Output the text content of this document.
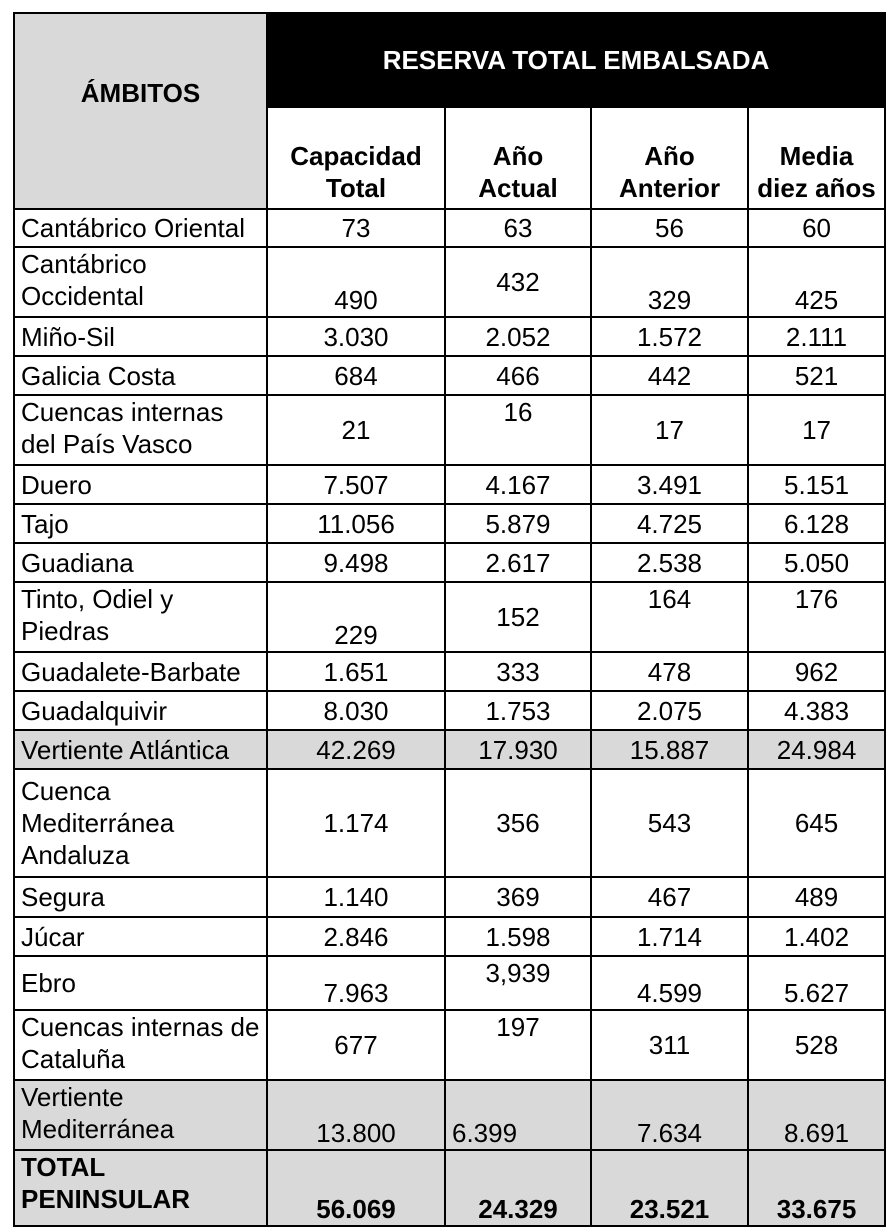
ÁMBITOS	RESERVA TOTAL EMBALSADA			
	Capacidad Total	Año Actual	Año Anterior	Media diez años
Cantábrico Oriental	73	63	56	60
Cantábrico Occidental	490	432	329	425
Miño-Sil	3.030	2.052	1.572	2.111
Galicia Costa	684	466	442	521
Cuencas internas del País Vasco	21	16	17	17
Duero	7.507	4.167	3.491	5.151
Tajo	11.056	5.879	4.725	6.128
Guadiana	9.498	2.617	2.538	5.050
Tinto, Odiel y Piedras	229	152	164	176
Guadalete-Barbate	1.651	333	478	962
Guadalquivir	8.030	1.753	2.075	4.383
Vertiente Atlántica	42.269	17.930	15.887	24.984
Cuenca Mediterránea Andaluza	1.174	356	543	645
Segura	1.140	369	467	489
Júcar	2.846	1.598	1.714	1.402
Ebro	7.963	3,939	4.599	5.627
Cuencas internas de Cataluña	677	197	311	528
Vertiente Mediterránea	13.800	6.399	7.634	8.691
TOTAL PENINSULAR	56.069	24.329	23.521	33.675
